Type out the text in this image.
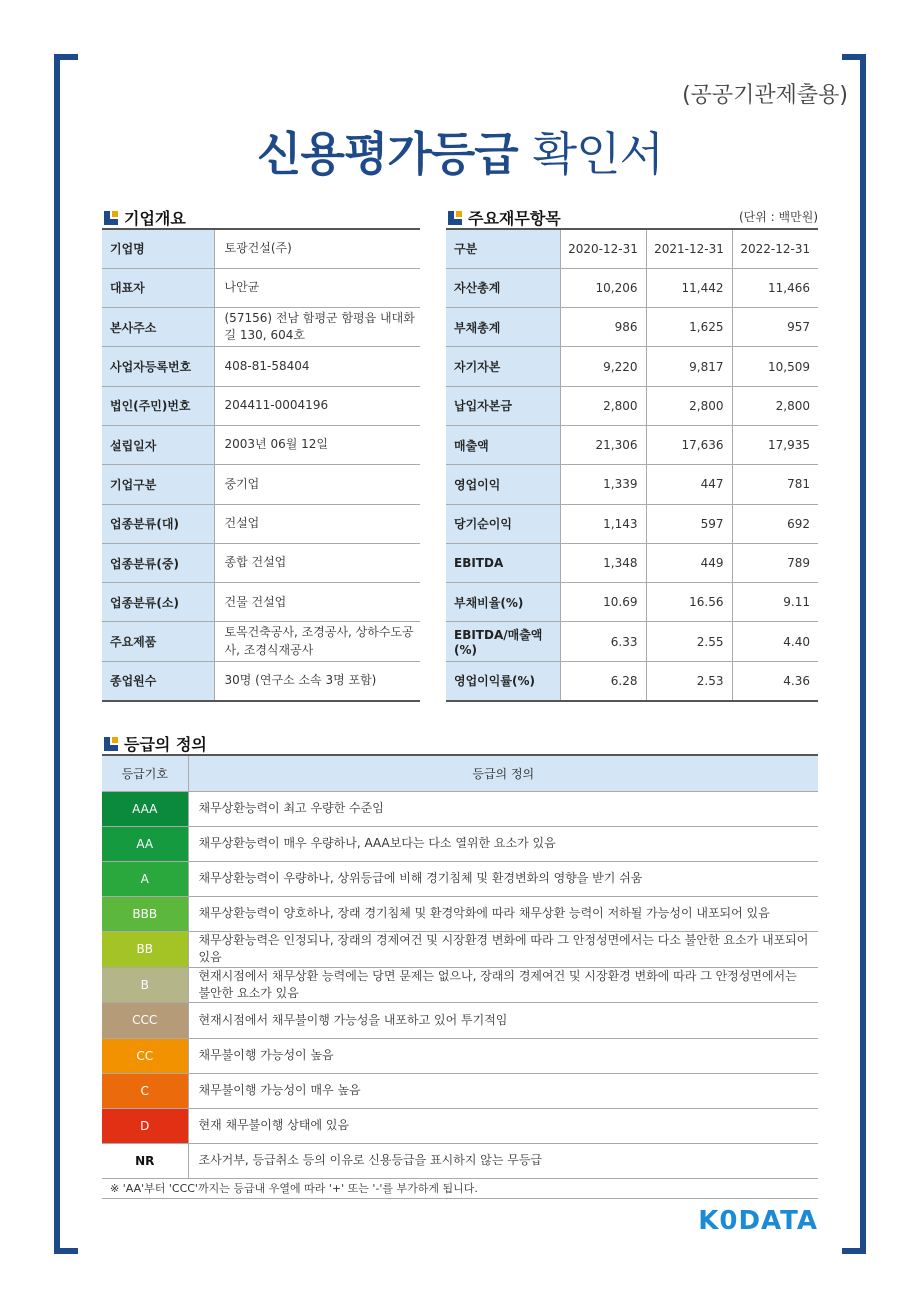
(공공기관제출용)
신용평가등급 확인서
기업개요
기업명	토광건설(주)
대표자	나안균
본사주소	(57156) 전남 함평군 함평읍 내대화길 130, 604호
사업자등록번호	408-81-58404
법인(주민)번호	204411-0004196
설립일자	2003년 06월 12일
기업구분	중기업
업종분류(대)	건설업
업종분류(중)	종합 건설업
업종분류(소)	건물 건설업
주요제품	토목건축공사, 조경공사, 상하수도공사, 조경식재공사
종업원수	30명 (연구소 소속 3명 포함)
주요재무항목	(단위 : 백만원)
구분	2020-12-31	2021-12-31	2022-12-31
자산총계	10,206	11,442	11,466
부채총계	986	1,625	957
자기자본	9,220	9,817	10,509
납입자본금	2,800	2,800	2,800
매출액	21,306	17,636	17,935
영업이익	1,339	447	781
당기순이익	1,143	597	692
EBITDA	1,348	449	789
부채비율(%)	10.69	16.56	9.11
EBITDA/매출액(%)	6.33	2.55	4.40
영업이익률(%)	6.28	2.53	4.36
등급의 정의
등급기호	등급의 정의
AAA	채무상환능력이 최고 우량한 수준임
AA	채무상환능력이 매우 우량하나, AAA보다는 다소 열위한 요소가 있음
A	채무상환능력이 우량하나, 상위등급에 비해 경기침체 및 환경변화의 영향을 받기 쉬움
BBB	채무상환능력이 양호하나, 장래 경기침체 및 환경악화에 따라 채무상환 능력이 저하될 가능성이 내포되어 있음
BB	채무상환능력은 인정되나, 장래의 경제여건 및 시장환경 변화에 따라 그 안정성면에서는 다소 불안한 요소가 내포되어 있음
B	현재시점에서 채무상환 능력에는 당면 문제는 없으나, 장래의 경제여건 및 시장환경 변화에 따라 그 안정성면에서는 불안한 요소가 있음
CCC	현재시점에서 채무불이행 가능성을 내포하고 있어 투기적임
CC	채무불이행 가능성이 높음
C	채무불이행 가능성이 매우 높음
D	현재 채무불이행 상태에 있음
NR	조사거부, 등급취소 등의 이유로 신용등급을 표시하지 않는 무등급
※ 'AA'부터 'CCC'까지는 등급내 우열에 따라 '+' 또는 '-'를 부가하게 됩니다.
K0DATA
